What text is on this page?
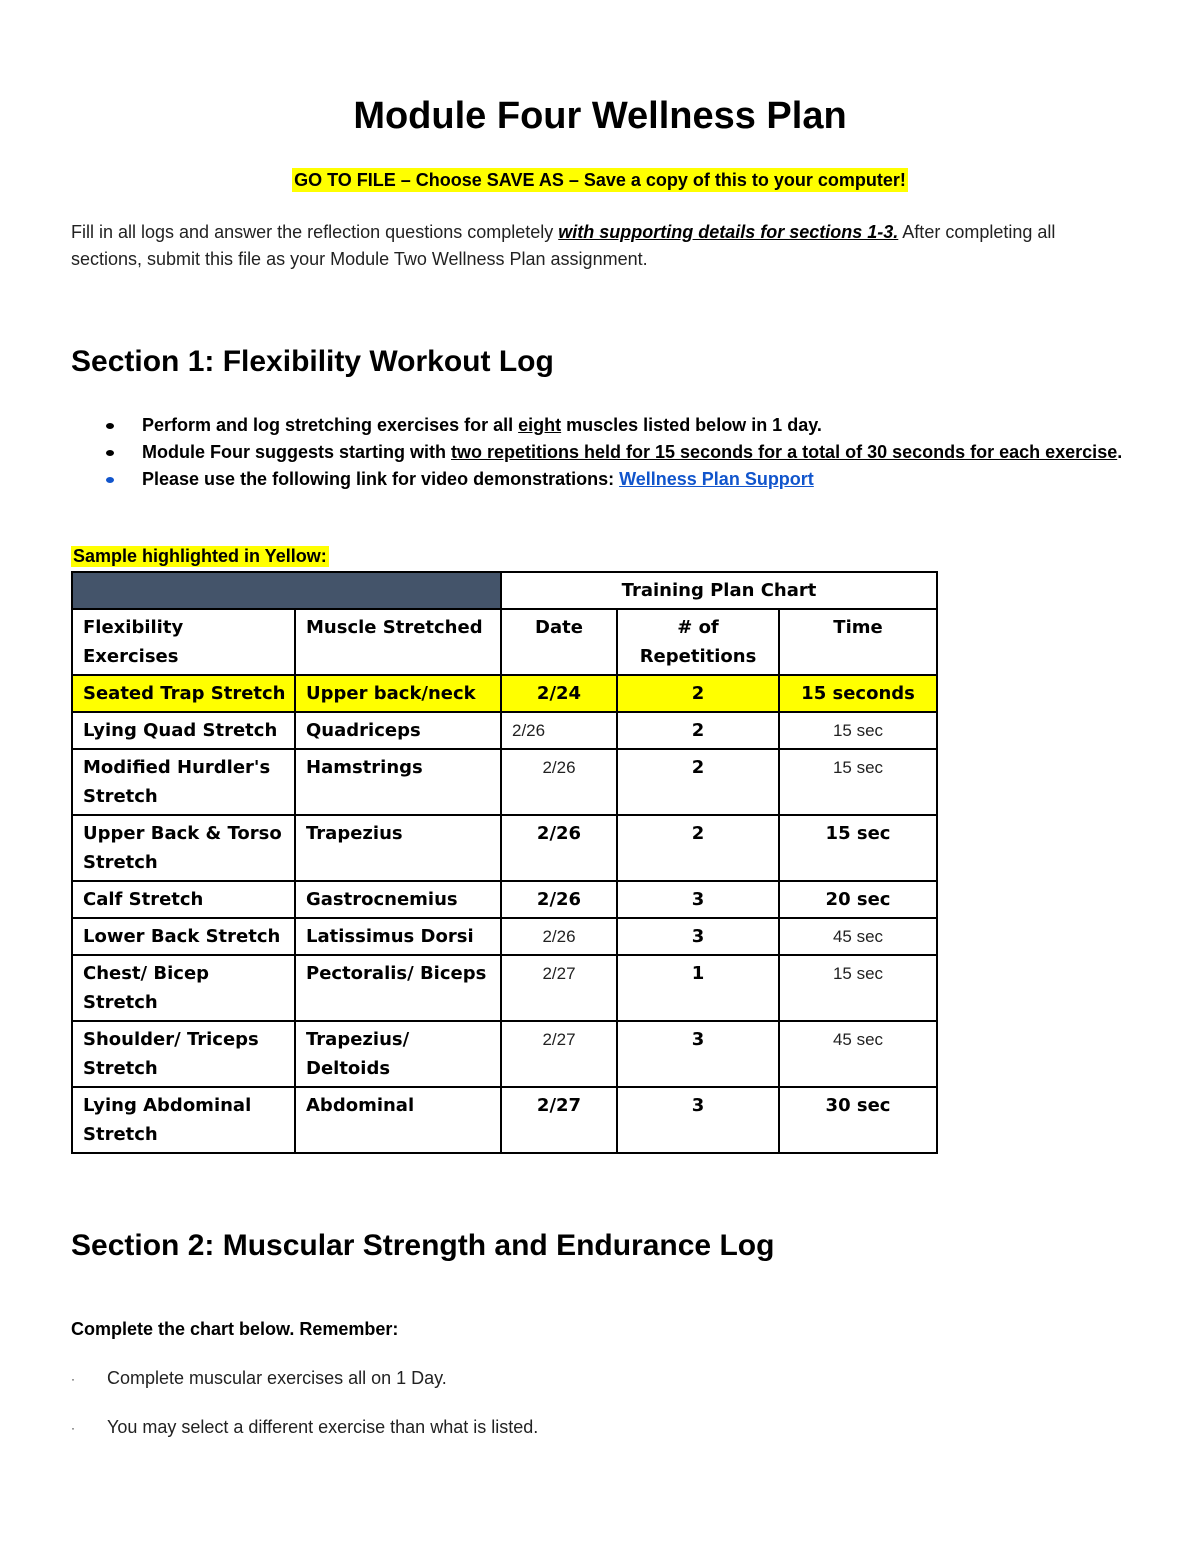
Module Four Wellness Plan
GO TO FILE – Choose SAVE AS – Save a copy of this to your computer!
Fill in all logs and answer the reflection questions completely with supporting details for sections 1-3. After completing all sections, submit this file as your Module Two Wellness Plan assignment.
Section 1: Flexibility Workout Log
Perform and log stretching exercises for all eight muscles listed below in 1 day.
Module Four suggests starting with two repetitions held for 15 seconds for a total of 30 seconds for each exercise.
Please use the following link for video demonstrations: Wellness Plan Support
Sample highlighted in Yellow:
		Training Plan Chart		
Flexibility Exercises	Muscle Stretched	Date	# of Repetitions	Time
Seated Trap Stretch	Upper back/neck	2/24	2	15 seconds
Lying Quad Stretch	Quadriceps	2/26	2	15 sec
Modified Hurdler's Stretch	Hamstrings	2/26	2	15 sec
Upper Back & Torso Stretch	Trapezius	2/26	2	15 sec
Calf Stretch	Gastrocnemius	2/26	3	20 sec
Lower Back Stretch	Latissimus Dorsi	2/26	3	45 sec
Chest/ Bicep Stretch	Pectoralis/ Biceps	2/27	1	15 sec
Shoulder/ Triceps Stretch	Trapezius/ Deltoids	2/27	3	45 sec
Lying Abdominal Stretch	Abdominal	2/27	3	30 sec
Section 2: Muscular Strength and Endurance Log
Complete the chart below. Remember:
· Complete muscular exercises all on 1 Day.
· You may select a different exercise than what is listed.
